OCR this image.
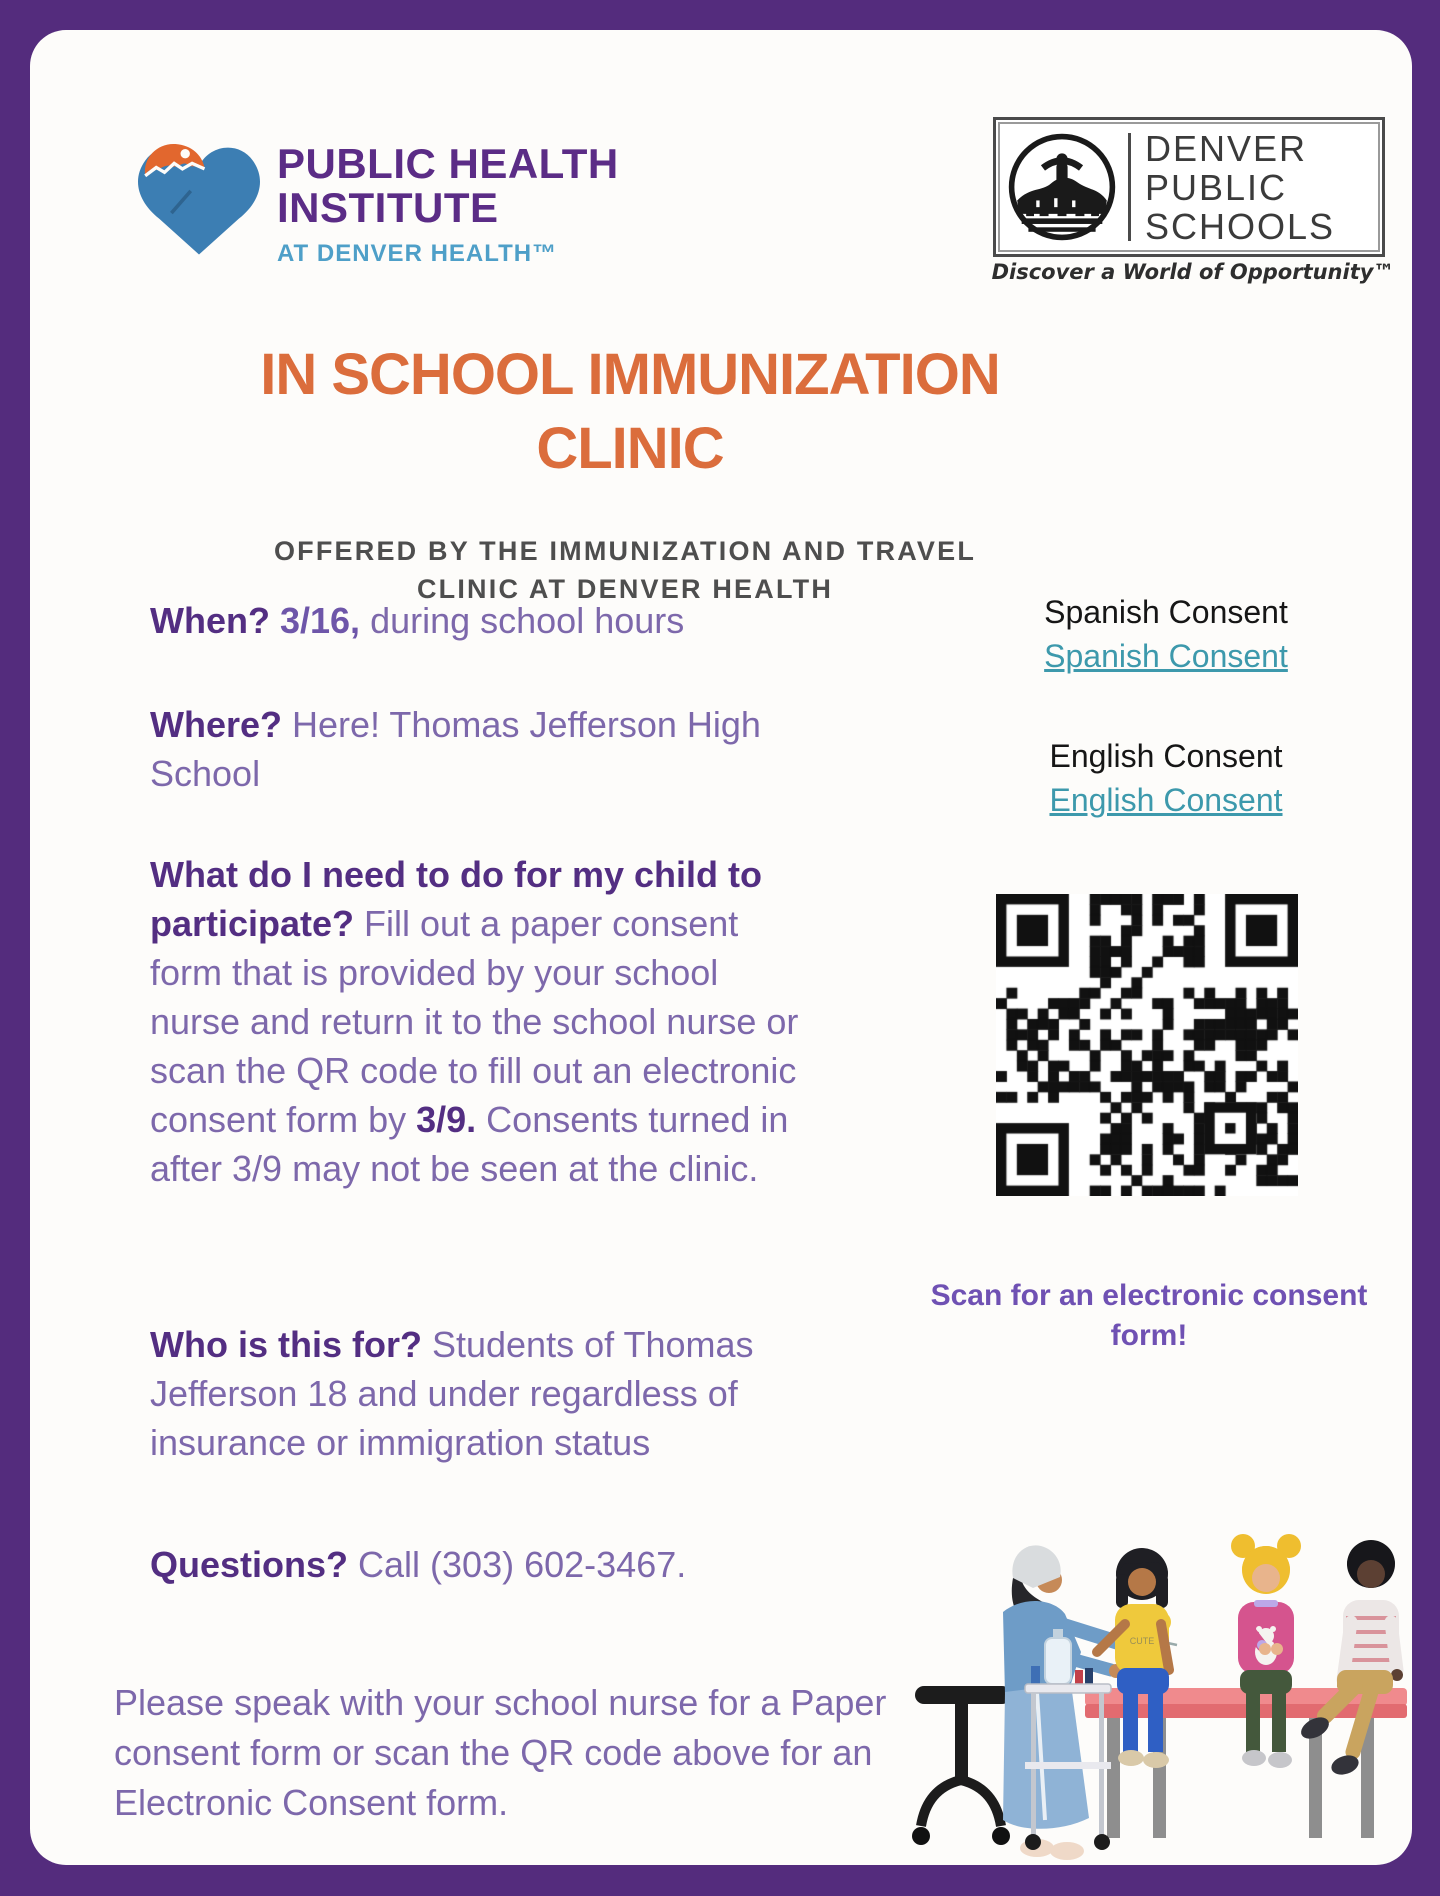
PUBLIC HEALTH
INSTITUTE
AT DENVER HEALTH™
DENVER
PUBLIC
SCHOOLS
Discover a World of Opportunity™
IN SCHOOL IMMUNIZATION
CLINIC
OFFERED BY THE IMMUNIZATION AND TRAVEL
CLINIC AT DENVER HEALTH

When? 3/16, during school hours

Where? Here! Thomas Jefferson High School

What do I need to do for my child to participate? Fill out a paper consent form that is provided by your school nurse and return it to the school nurse or scan the QR code to fill out an electronic consent form by 3/9. Consents turned in after 3/9 may not be seen at the clinic.

Who is this for? Students of Thomas Jefferson 18 and under regardless of insurance or immigration status

Questions? Call (303) 602-3467.

Please speak with your school nurse for a Paper consent form or scan the QR code above for an Electronic Consent form.

Spanish Consent
Spanish Consent
English Consent
English Consent
Scan for an electronic consent
form!
CUTE
